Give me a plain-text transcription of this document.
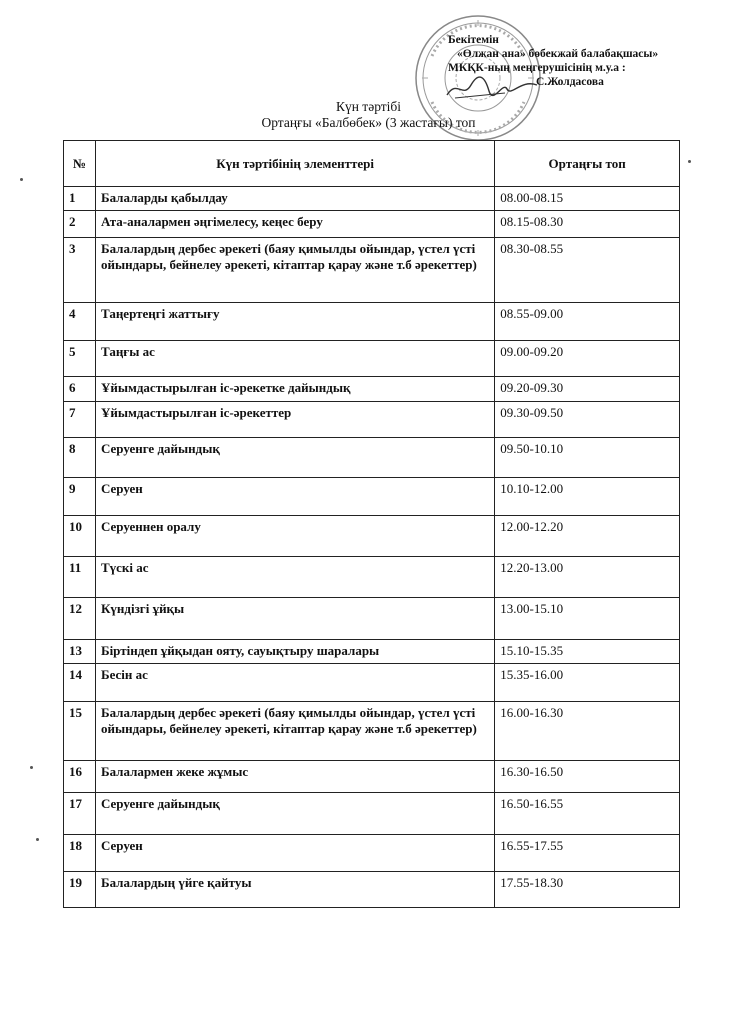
Бекітемін
«Өлжан ана» бөбекжай балабақшасы»
МКҚК-ның меңгерушісінің м.у.а :
С.Жолдасова
Күн тәртібі
Ортаңғы «Балбөбек» (3 жастағы) топ
№	Күн тәртібінің элементтері	Ортаңғы топ
1	Балаларды қабылдау	08.00-08.15
2	Ата-аналармен әңгімелесу, кеңес беру	08.15-08.30
3	Балалардың дербес әрекеті (баяу қимылды ойындар, үстел үсті ойындары, бейнелеу әрекеті, кітаптар қарау және т.б әрекеттер)	08.30-08.55
4	Таңертеңгі жаттығу	08.55-09.00
5	Таңғы ас	09.00-09.20
6	Ұйымдастырылған іс-әрекетке дайындық	09.20-09.30
7	Ұйымдастырылған іс-әрекеттер	09.30-09.50
8	Серуенге дайындық	09.50-10.10
9	Серуен	10.10-12.00
10	Серуеннен оралу	12.00-12.20
11	Түскі ас	12.20-13.00
12	Күндізгі ұйқы	13.00-15.10
13	Біртіндеп ұйқыдан ояту, сауықтыру шаралары	15.10-15.35
14	Бесін ас	15.35-16.00
15	Балалардың дербес әрекеті (баяу қимылды ойындар, үстел үсті ойындары, бейнелеу әрекеті, кітаптар қарау және т.б әрекеттер)	16.00-16.30
16	Балалармен жеке жұмыс	16.30-16.50
17	Серуенге дайындық	16.50-16.55
18	Серуен	16.55-17.55
19	Балалардың үйге қайтуы	17.55-18.30
